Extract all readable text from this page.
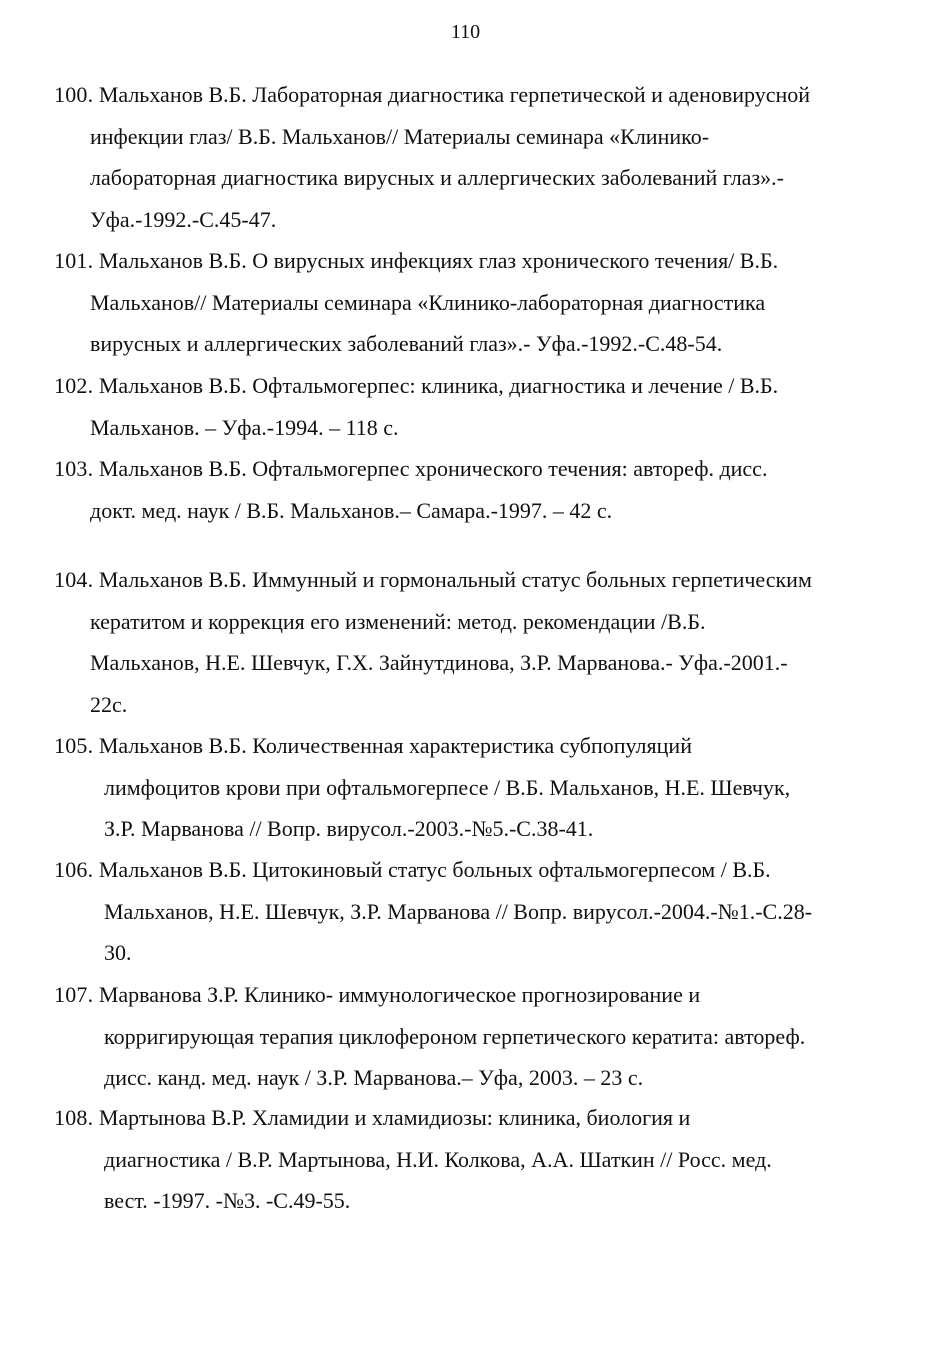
110
100. Мальханов В.Б. Лабораторная диагностика герпетической и аденовирусной
инфекции глаз/ В.Б. Мальханов// Материалы семинара «Клинико-
лабораторная диагностика вирусных и аллергических заболеваний глаз».-
Уфа.-1992.-С.45-47.
101. Мальханов В.Б. О вирусных инфекциях глаз хронического течения/ В.Б.
Мальханов// Материалы семинара «Клинико-лабораторная диагностика
вирусных и аллергических заболеваний глаз».- Уфа.-1992.-С.48-54.
102. Мальханов В.Б. Офтальмогерпес: клиника, диагностика и лечение / В.Б.
Мальханов. – Уфа.-1994. – 118 с.
103. Мальханов В.Б. Офтальмогерпес хронического течения: автореф. дисс.
докт. мед. наук / В.Б. Мальханов.– Самара.-1997. – 42 с.
104. Мальханов В.Б. Иммунный и гормональный статус больных герпетическим
кератитом и коррекция его изменений: метод. рекомендации /В.Б.
Мальханов, Н.Е. Шевчук, Г.Х. Зайнутдинова, З.Р. Марванова.- Уфа.-2001.-
22с.
105. Мальханов В.Б. Количественная характеристика субпопуляций
лимфоцитов крови при офтальмогерпесе / В.Б. Мальханов, Н.Е. Шевчук,
З.Р. Марванова // Вопр. вирусол.-2003.-№5.-С.38-41.
106. Мальханов В.Б. Цитокиновый статус больных офтальмогерпесом / В.Б.
Мальханов, Н.Е. Шевчук, З.Р. Марванова // Вопр. вирусол.-2004.-№1.-С.28-
30.
107. Марванова З.Р. Клинико- иммунологическое прогнозирование и
корригирующая терапия циклофероном герпетического кератита: автореф.
дисс. канд. мед. наук / З.Р. Марванова.– Уфа, 2003. – 23 с.
108. Мартынова В.Р. Хламидии и хламидиозы: клиника, биология и
диагностика / В.Р. Мартынова, Н.И. Колкова, А.А. Шаткин // Росс. мед.
вест. -1997. -№3. -С.49-55.
